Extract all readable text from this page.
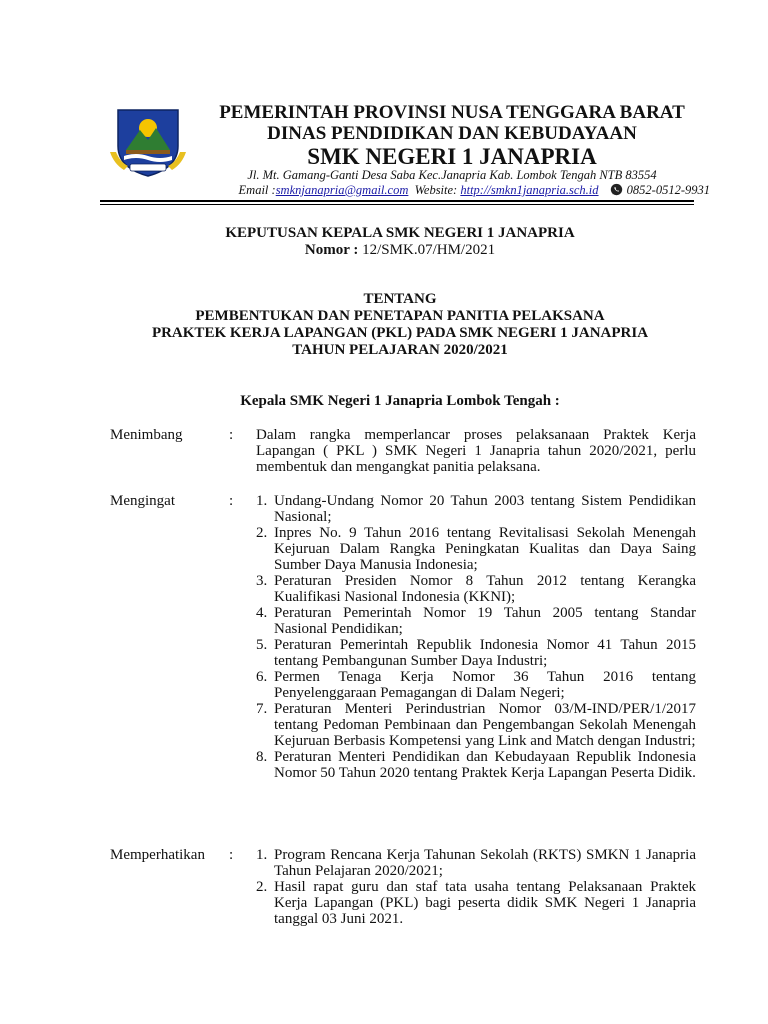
PEMERINTAH PROVINSI NUSA TENGGARA BARAT
DINAS PENDIDIKAN DAN KEBUDAYAAN
SMK NEGERI 1 JANAPRIA
Jl. Mt. Gamang-Ganti Desa Saba Kec.Janapria Kab. Lombok Tengah NTB 83554
Email :smknjanapria@gmail.com Website: http://smkn1janapria.sch.id 0852-0512-9931
KEPUTUSAN KEPALA SMK NEGERI 1 JANAPRIA
Nomor : 12/SMK.07/HM/2021
TENTANG
PEMBENTUKAN DAN PENETAPAN PANITIA PELAKSANA
PRAKTEK KERJA LAPANGAN (PKL) PADA SMK NEGERI 1 JANAPRIA
TAHUN PELAJARAN 2020/2021
Kepala SMK Negeri 1 Janapria Lombok Tengah :
Menimbang	: Dalam rangka memperlancar proses pelaksanaan Praktek Kerja Lapangan ( PKL ) SMK Negeri 1 Janapria tahun 2020/2021, perlu membentuk dan mengangkat panitia pelaksana.
Mengingat	: 1. Undang-Undang Nomor 20 Tahun 2003 tentang Sistem Pendidikan Nasional;
2. Inpres No. 9 Tahun 2016 tentang Revitalisasi Sekolah Menengah Kejuruan Dalam Rangka Peningkatan Kualitas dan Daya Saing Sumber Daya Manusia Indonesia;
3. Peraturan Presiden Nomor 8 Tahun 2012 tentang Kerangka Kualifikasi Nasional Indonesia (KKNI);
4. Peraturan Pemerintah Nomor 19 Tahun 2005 tentang Standar Nasional Pendidikan;
5. Peraturan Pemerintah Republik Indonesia Nomor 41 Tahun 2015 tentang Pembangunan Sumber Daya Industri;
6. Permen Tenaga Kerja Nomor 36 Tahun 2016 tentang Penyelenggaraan Pemagangan di Dalam Negeri;
7. Peraturan Menteri Perindustrian Nomor 03/M-IND/PER/1/2017 tentang Pedoman Pembinaan dan Pengembangan Sekolah Menengah Kejuruan Berbasis Kompetensi yang Link and Match dengan Industri;
8. Peraturan Menteri Pendidikan dan Kebudayaan Republik Indonesia Nomor 50 Tahun 2020 tentang Praktek Kerja Lapangan Peserta Didik.
Memperhatikan : 1. Program Rencana Kerja Tahunan Sekolah (RKTS) SMKN 1 Janapria Tahun Pelajaran 2020/2021;
2. Hasil rapat guru dan staf tata usaha tentang Pelaksanaan Praktek Kerja Lapangan (PKL) bagi peserta didik SMK Negeri 1 Janapria tanggal 03 Juni 2021.
